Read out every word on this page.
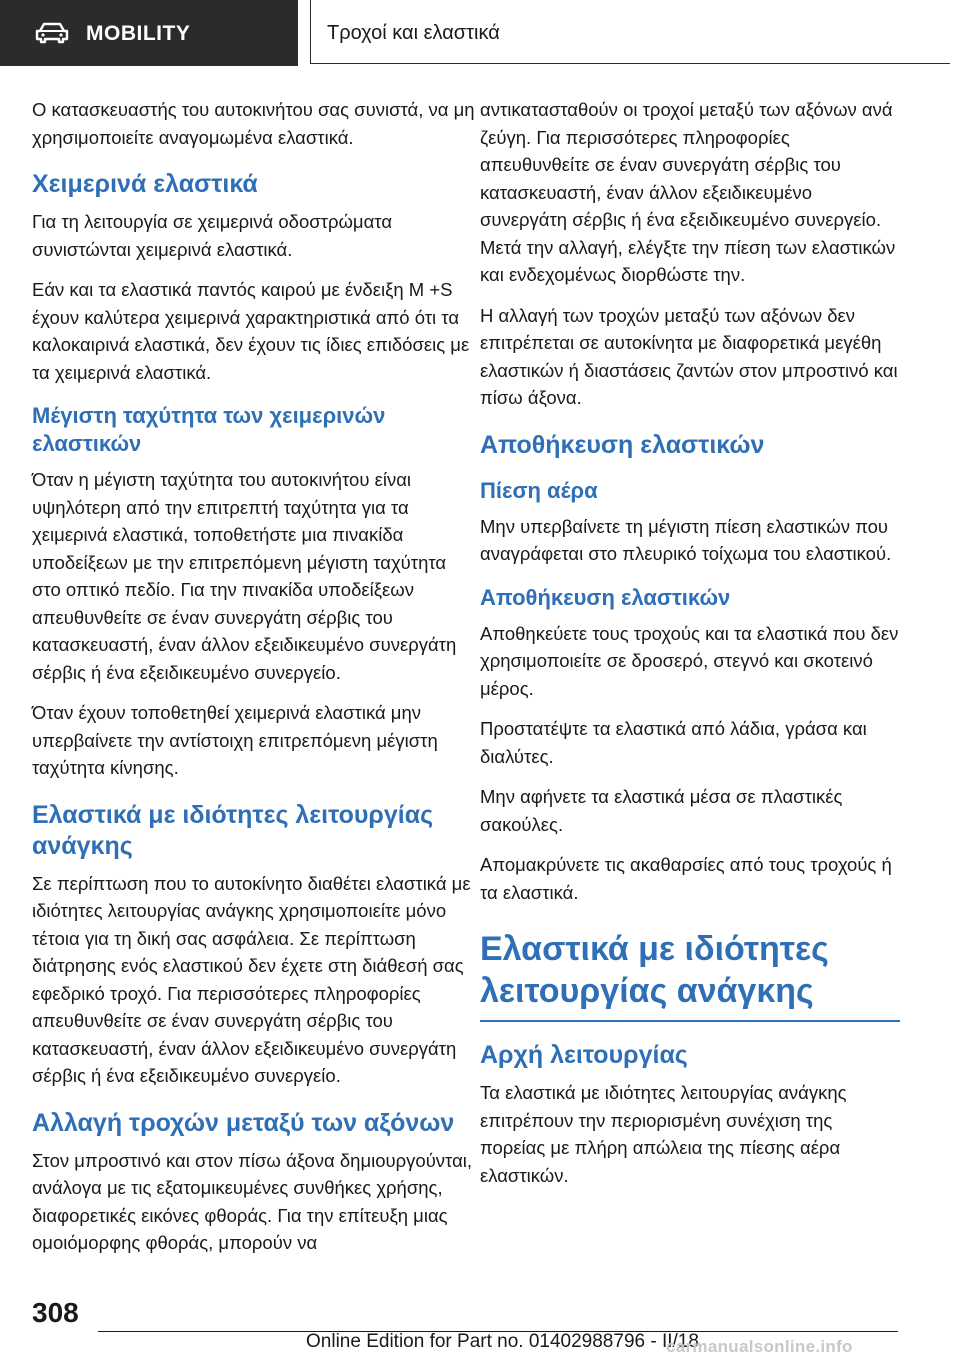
MOBILITY	Τροχοί και ελαστικά

Ο κατασκευαστής του αυτοκινήτου σας συνιστά, να μη χρησιμοποιείτε αναγομωμένα ελαστικά.

Χειμερινά ελαστικά

Για τη λειτουργία σε χειμερινά οδοστρώματα συνιστώνται χειμερινά ελαστικά.

Εάν και τα ελαστικά παντός καιρού με ένδειξη M +S έχουν καλύτερα χειμερινά χαρακτηριστικά από ότι τα καλοκαιρινά ελαστικά, δεν έχουν τις ίδιες επιδόσεις με τα χειμερινά ελαστικά.

Μέγιστη ταχύτητα των χειμερινών ελαστικών

Όταν η μέγιστη ταχύτητα του αυτοκινήτου είναι υψηλότερη από την επιτρεπτή ταχύτητα για τα χειμερινά ελαστικά, τοποθετήστε μια πινακίδα υποδείξεων με την επιτρεπόμενη μέγιστη ταχύτητα στο οπτικό πεδίο. Για την πινακίδα υποδείξεων απευθυνθείτε σε έναν συνεργάτη σέρβις του κατασκευαστή, έναν άλλον εξειδικευμένο συνεργάτη σέρβις ή ένα εξειδικευμένο συνεργείο.

Όταν έχουν τοποθετηθεί χειμερινά ελαστικά μην υπερβαίνετε την αντίστοιχη επιτρεπόμενη μέγιστη ταχύτητα κίνησης.

Ελαστικά με ιδιότητες λειτουργίας ανάγκης

Σε περίπτωση που το αυτοκίνητο διαθέτει ελαστικά με ιδιότητες λειτουργίας ανάγκης χρησιμοποιείτε μόνο τέτοια για τη δική σας ασφάλεια. Σε περίπτωση διάτρησης ενός ελαστικού δεν έχετε στη διάθεσή σας εφεδρικό τροχό. Για περισσότερες πληροφορίες απευθυνθείτε σε έναν συνεργάτη σέρβις του κατασκευαστή, έναν άλλον εξειδικευμένο συνεργάτη σέρβις ή ένα εξειδικευμένο συνεργείο.

Αλλαγή τροχών μεταξύ των αξόνων

Στον μπροστινό και στον πίσω άξονα δημιουργούνται, ανάλογα με τις εξατομικευμένες συνθήκες χρήσης, διαφορετικές εικόνες φθοράς. Για την επίτευξη μιας ομοιόμορφης φθοράς, μπορούν να

αντικατασταθούν οι τροχοί μεταξύ των αξόνων ανά ζεύγη. Για περισσότερες πληροφορίες απευθυνθείτε σε έναν συνεργάτη σέρβις του κατασκευαστή, έναν άλλον εξειδικευμένο συνεργάτη σέρβις ή ένα εξειδικευμένο συνεργείο. Μετά την αλλαγή, ελέγξτε την πίεση των ελαστικών και ενδεχομένως διορθώστε την.

Η αλλαγή των τροχών μεταξύ των αξόνων δεν επιτρέπεται σε αυτοκίνητα με διαφορετικά μεγέθη ελαστικών ή διαστάσεις ζαντών στον μπροστινό και πίσω άξονα.

Αποθήκευση ελαστικών
Πίεση αέρα

Μην υπερβαίνετε τη μέγιστη πίεση ελαστικών που αναγράφεται στο πλευρικό τοίχωμα του ελαστικού.

Αποθήκευση ελαστικών

Αποθηκεύετε τους τροχούς και τα ελαστικά που δεν χρησιμοποιείτε σε δροσερό, στεγνό και σκοτεινό μέρος.

Προστατέψτε τα ελαστικά από λάδια, γράσα και διαλύτες.

Μην αφήνετε τα ελαστικά μέσα σε πλαστικές σακούλες.

Απομακρύνετε τις ακαθαρσίες από τους τροχούς ή τα ελαστικά.

Ελαστικά με ιδιότητες λειτουργίας ανάγκης
Αρχή λειτουργίας

Τα ελαστικά με ιδιότητες λειτουργίας ανάγκης επιτρέπουν την περιορισμένη συνέχιση της πορείας με πλήρη απώλεια της πίεσης αέρα ελαστικών.

308
Online Edition for Part no. 01402988796 - II/18
carmanualsonline.info
